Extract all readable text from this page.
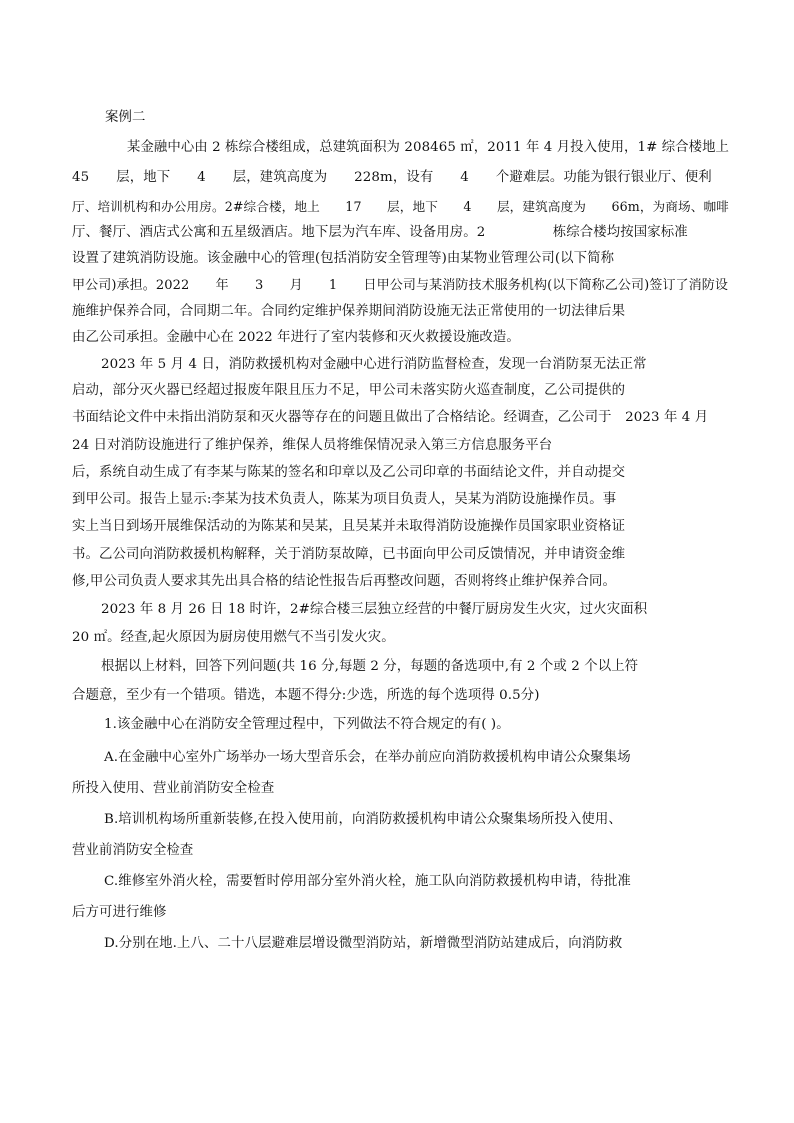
案例二
某金融中心由 2 栋综合楼组成，总建筑面积为 208465 ㎡，2011 年 4 月投入使用，1# 综合楼地上
45　　层，地下　　4　　层，建筑高度为　　228m，设有　　4　　个避难层。功能为银行银业厅、便利
厅、培训机构和办公用房。2#综合楼，地上　　17　　层，地下　　4　　层，建筑高度为　　66m，为商场、咖啡
厅、餐厅、酒店式公寓和五星级酒店。地下层为汽车库、设备用房。2　　　　　栋综合楼均按国家标准
设置了建筑消防设施。该金融中心的管理(包括消防安全管理等)由某物业管理公司(以下简称
甲公司)承担。2022　　年　　3　　月　　1　　日甲公司与某消防技术服务机构(以下简称乙公司)签订了消防设
施维护保养合同，合同期二年。合同约定维护保养期间消防设施无法正常使用的一切法律后果
由乙公司承担。金融中心在 2022 年进行了室内装修和灭火救援设施改造。
2023 年 5 月 4 日，消防救援机构对金融中心进行消防监督检查，发现一台消防泵无法正常
启动，部分灭火器已经超过报废年限且压力不足，甲公司未落实防火巡查制度，乙公司提供的
书面结论文件中未指出消防泵和灭火器等存在的问题且做出了合格结论。经调查，乙公司于　2023 年 4 月
24 日对消防设施进行了维护保养，维保人员将维保情况录入第三方信息服务平台
后，系统自动生成了有李某与陈某的签名和印章以及乙公司印章的书面结论文件，并自动提交
到甲公司。报告上显示:李某为技术负责人，陈某为项目负责人，吴某为消防设施操作员。事
实上当日到场开展维保活动的为陈某和吴某，且吴某并未取得消防设施操作员国家职业资格证
书。乙公司向消防救援机构解释，关于消防泵故障，已书面向甲公司反馈情况，并申请资金维
修,甲公司负责人要求其先出具合格的结论性报告后再整改问题，否则将终止维护保养合同。
2023 年 8 月 26 日 18 时许，2#综合楼三层独立经营的中餐厅厨房发生火灾，过火灾面积
20 ㎡。经查,起火原因为厨房使用燃气不当引发火灾。
根据以上材料，回答下列问题(共 16 分,每题 2 分，每题的备选项中,有 2 个或 2 个以上符
合题意，至少有一个错项。错选，本题不得分:少选，所选的每个选项得 0.5分)
1.该金融中心在消防安全管理过程中，下列做法不符合规定的有( )。
A.在金融中心室外广场举办一场大型音乐会，在举办前应向消防救援机构申请公众聚集场
所投入使用、营业前消防安全检查
B.培训机构场所重新装修,在投入使用前，向消防救援机构申请公众聚集场所投入使用、
营业前消防安全检查
C.维修室外消火栓，需要暂时停用部分室外消火栓，施工队向消防救援机构申请，待批准
后方可进行维修
D.分别在地.上八、二十八层避难层增设微型消防站，新增微型消防站建成后，向消防救
